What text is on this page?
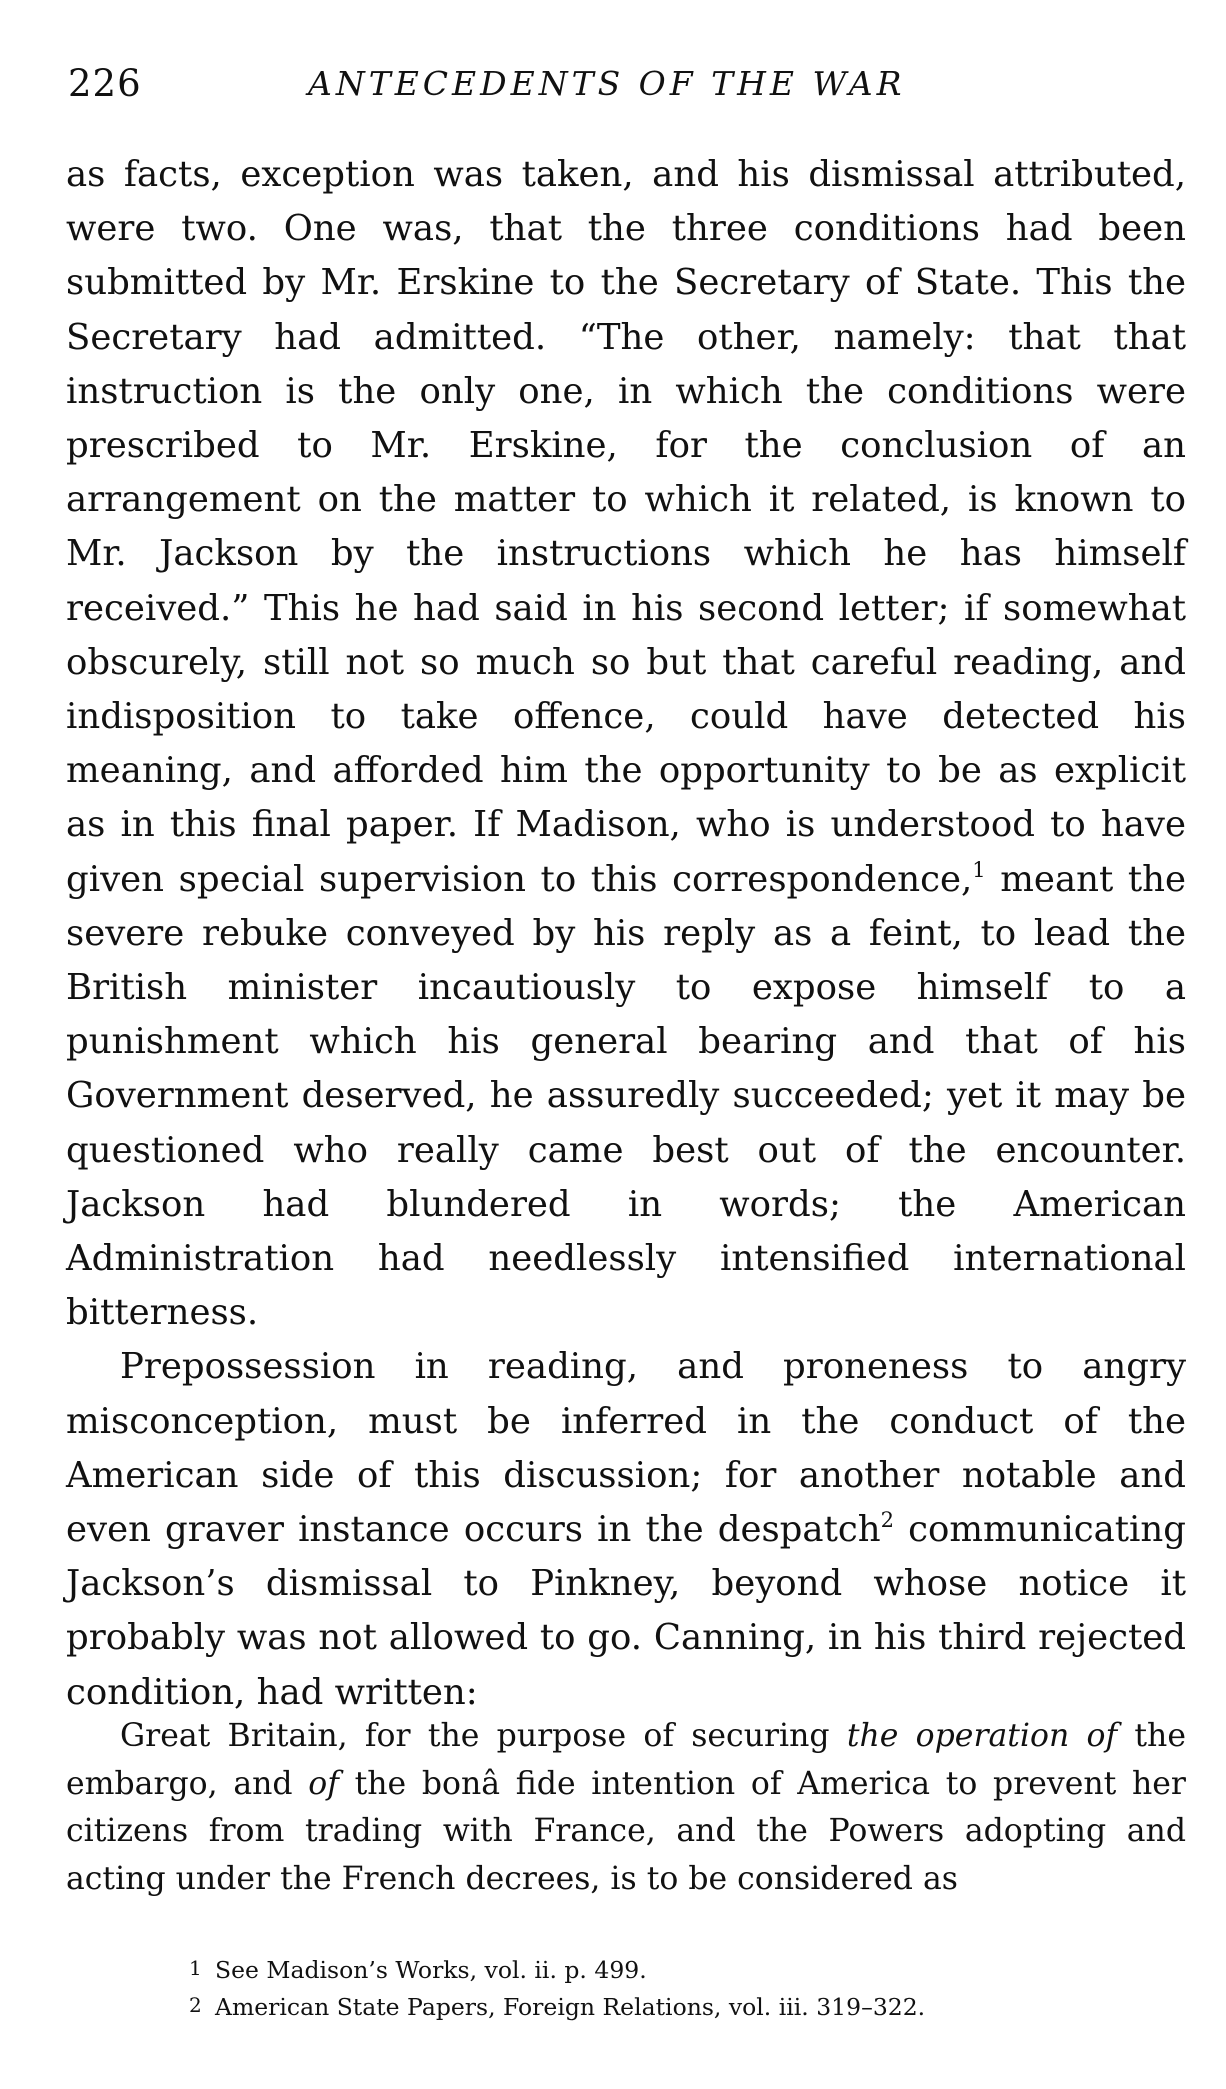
226	ANTECEDENTS OF THE WAR

as facts, exception was taken, and his dismissal attributed, were two. One was, that the three conditions had been submitted by Mr. Erskine to the Secretary of State. This the Secretary had admitted. “The other, namely: that that instruction is the only one, in which the conditions were prescribed to Mr. Erskine, for the conclusion of an arrangement on the matter to which it related, is known to Mr. Jackson by the instructions which he has himself received.” This he had said in his second letter; if somewhat obscurely, still not so much so but that careful reading, and indisposition to take offence, could have detected his meaning, and afforded him the opportunity to be as explicit as in this final paper. If Madison, who is understood to have given special supervision to this correspondence,$^1$ meant the severe rebuke conveyed by his reply as a feint, to lead the British minister incautiously to expose himself to a punishment which his general bearing and that of his Government deserved, he assuredly succeeded; yet it may be questioned who really came best out of the encounter. Jackson had blundered in words; the American Administration had needlessly intensified international bitterness.

Prepossession in reading, and proneness to angry misconception, must be inferred in the conduct of the American side of this discussion; for another notable and even graver instance occurs in the despatch$^2$ communicating Jackson’s dismissal to Pinkney, beyond whose notice it probably was not allowed to go. Canning, in his third rejected condition, had written:

Great Britain, for the purpose of securing the operation of the embargo, and of the bonâ fide intention of America to prevent her citizens from trading with France, and the Powers adopting and acting under the French decrees, is to be considered as

1 See Madison’s Works, vol. ii. p. 499.

2 American State Papers, Foreign Relations, vol. iii. 319–322.
